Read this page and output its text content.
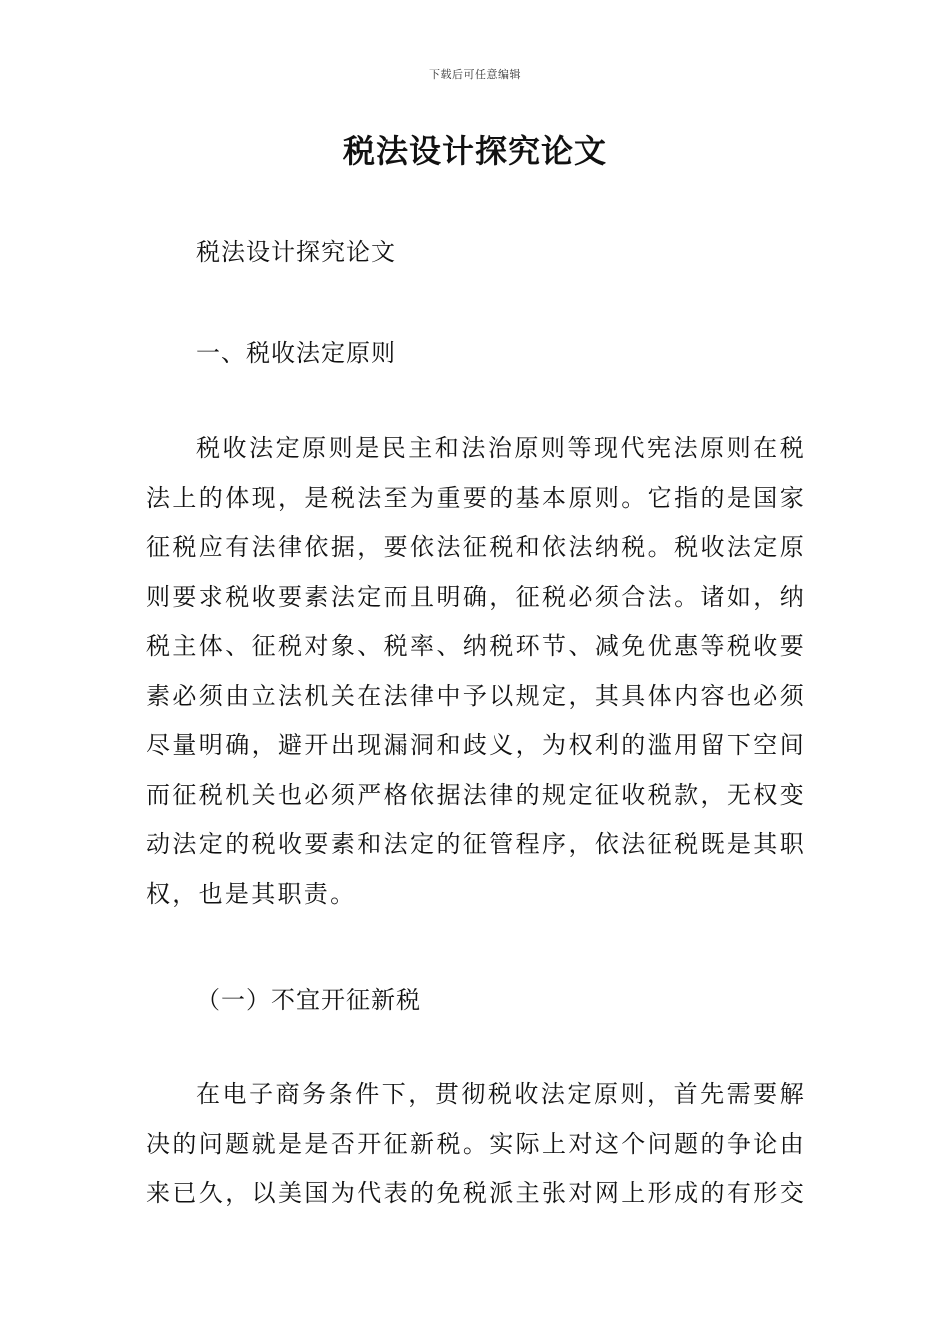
下载后可任意编辑
税法设计探究论文
税法设计探究论文
一、税收法定原则
税收法定原则是民主和法治原则等现代宪法原则在税
法上的体现，是税法至为重要的基本原则。它指的是国家
征税应有法律依据，要依法征税和依法纳税。税收法定原
则要求税收要素法定而且明确，征税必须合法。诸如，纳
税主体、征税对象、税率、纳税环节、减免优惠等税收要
素必须由立法机关在法律中予以规定，其具体内容也必须
尽量明确，避开出现漏洞和歧义，为权利的滥用留下空间
而征税机关也必须严格依据法律的规定征收税款，无权变
动法定的税收要素和法定的征管程序，依法征税既是其职
权，也是其职责。
（一）不宜开征新税
在电子商务条件下，贯彻税收法定原则，首先需要解
决的问题就是是否开征新税。实际上对这个问题的争论由
来已久，以美国为代表的免税派主张对网上形成的有形交
